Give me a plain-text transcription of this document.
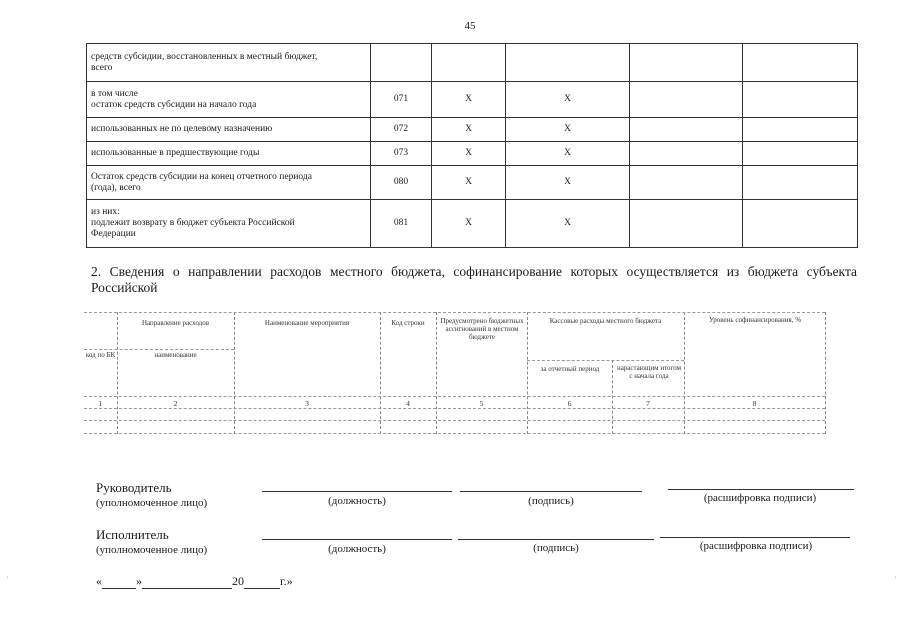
45
средств субсидии, восстановленных в местный бюджет,
всего						

в том числе
остаток средств субсидии на начало года	071	X	X			

использованных не по целевому назначению	072	X	X			

использованные в предшествующие годы	073	X	X			

Остаток средств субсидии на конец отчетного периода
(года), всего	080	X	X			

из них:
подлежит возврату в бюджет субъекта Российской
Федерации	081	X	X			
2. Сведения о направлении расходов местного бюджета, софинансирование которых осуществляется из бюджета субъекта Российской
Направление расходов
код по БК	наименование
Наименование мероприятия	Код строки	Предусмотрено бюджетных ассигнований в местном бюджете
Кассовые расходы местного бюджета
за отчетный период	нарастающим итогом с начала года
Уровень софинансирования, %
1	2	3	4	5	6	7	8
Руководитель
(уполномоченное лицо)	(должность)	(подпись)	(расшифровка подписи)
Исполнитель
(уполномоченное лицо)	(должность)	(подпись)	(расшифровка подписи)
«	»	20	г.»
·	·
